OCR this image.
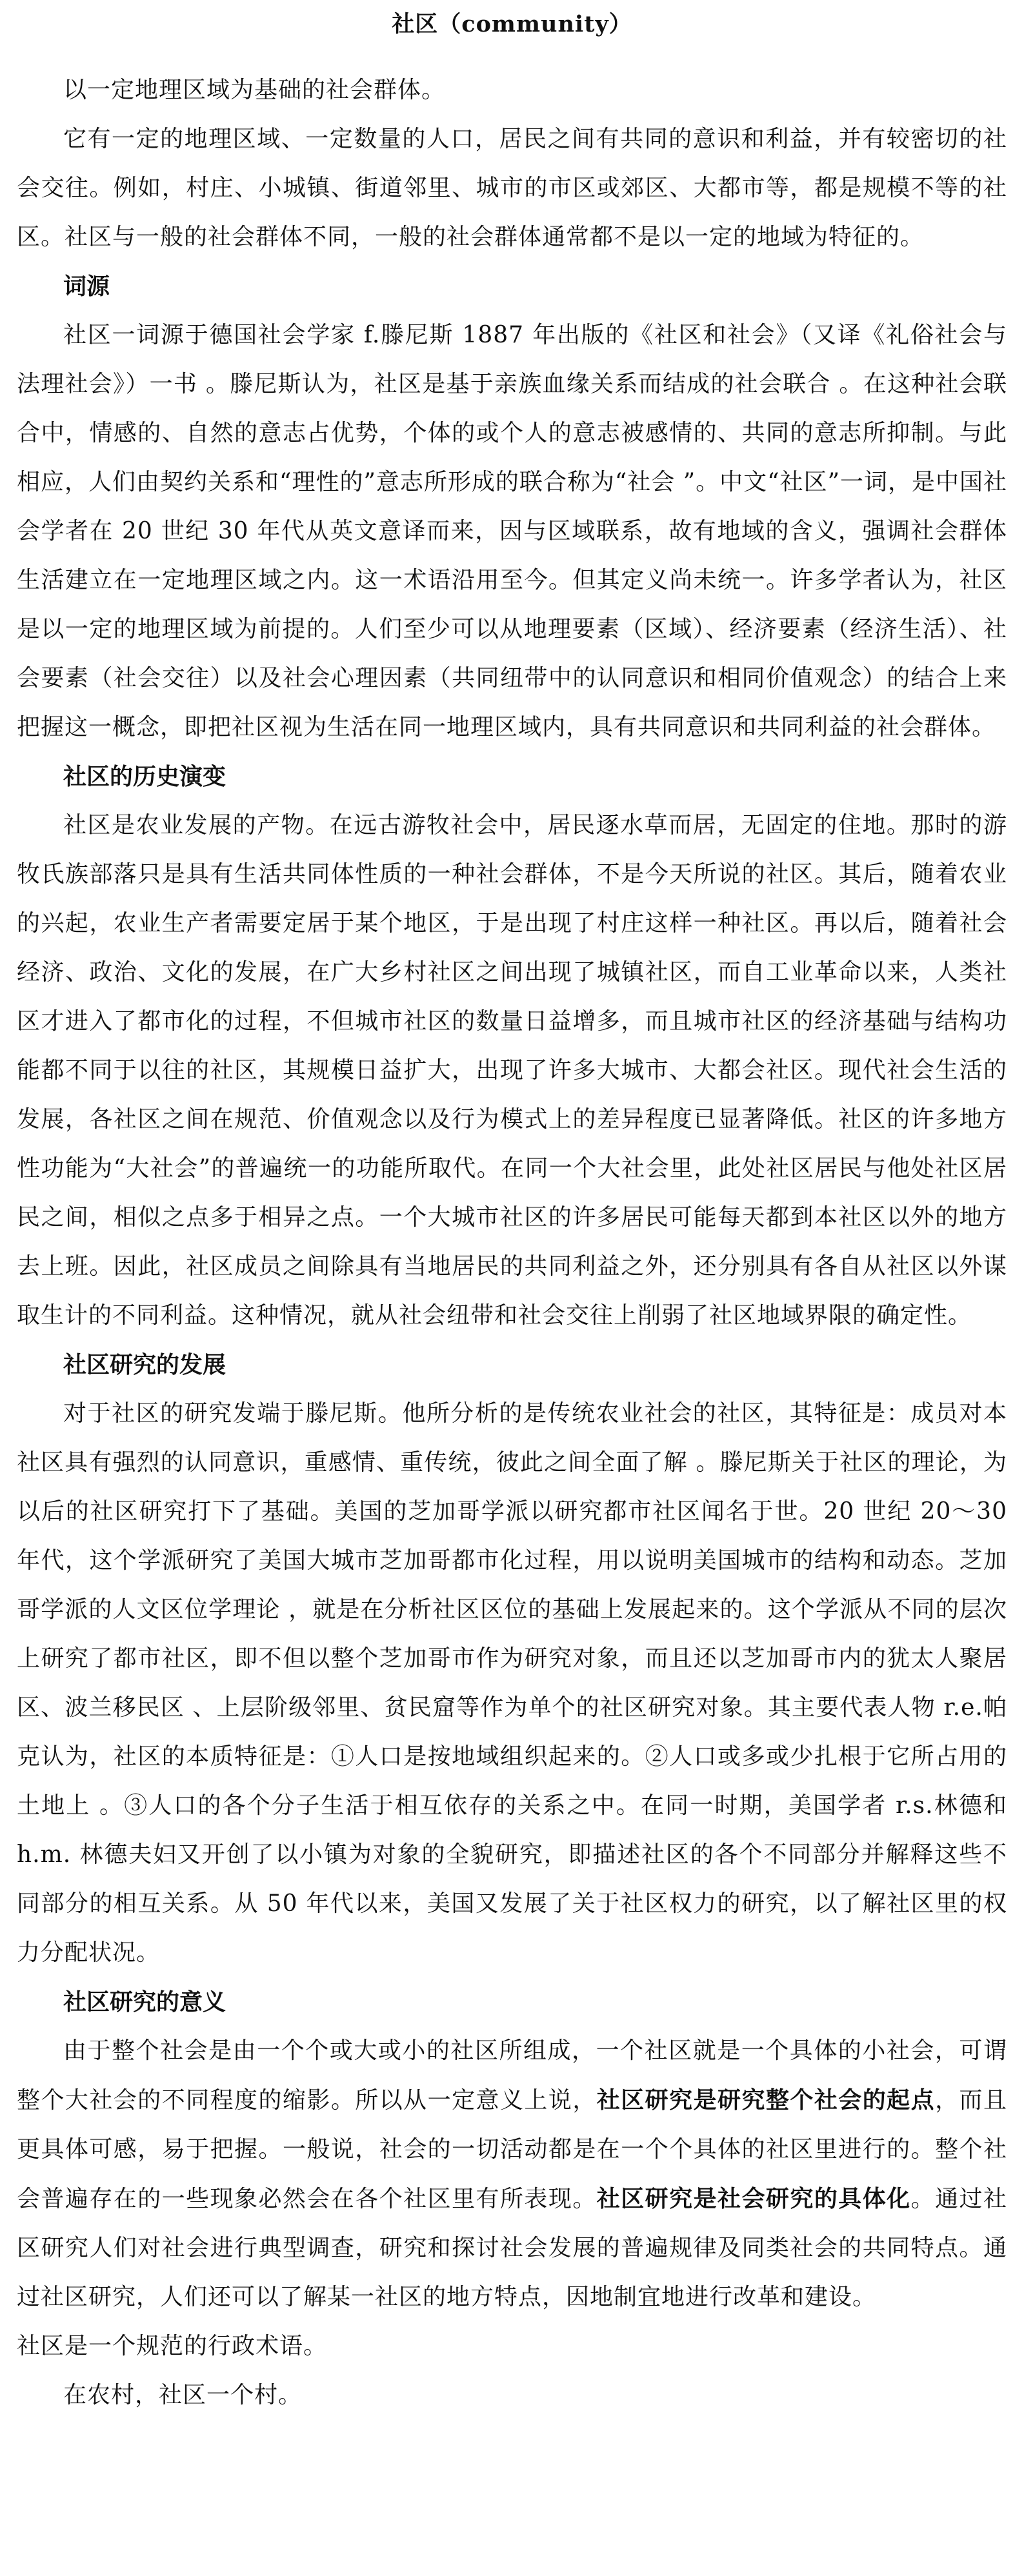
社区（community）

以一定地理区域为基础的社会群体。

它有一定的地理区域、一定数量的人口，居民之间有共同的意识和利益，并有较密切的社会交往。例如，村庄、小城镇、街道邻里、城市的市区或郊区、大都市等，都是规模不等的社区。社区与一般的社会群体不同，一般的社会群体通常都不是以一定的地域为特征的。

词源

社区一词源于德国社会学家 f.滕尼斯 1887 年出版的《社区和社会》（又译《礼俗社会与法理社会》）一书 。滕尼斯认为，社区是基于亲族血缘关系而结成的社会联合 。在这种社会联合中，情感的、自然的意志占优势，个体的或个人的意志被感情的、共同的意志所抑制。与此相应，人们由契约关系和“理性的”意志所形成的联合称为“社会 ”。中文“社区”一词，是中国社会学者在 20 世纪 30 年代从英文意译而来，因与区域联系，故有地域的含义，强调社会群体生活建立在一定地理区域之内。这一术语沿用至今。但其定义尚未统一。许多学者认为，社区是以一定的地理区域为前提的。人们至少可以从地理要素（区域）、经济要素（经济生活）、社会要素（社会交往）以及社会心理因素（共同纽带中的认同意识和相同价值观念）的结合上来把握这一概念，即把社区视为生活在同一地理区域内，具有共同意识和共同利益的社会群体。

社区的历史演变

社区是农业发展的产物。在远古游牧社会中，居民逐水草而居，无固定的住地。那时的游牧氏族部落只是具有生活共同体性质的一种社会群体，不是今天所说的社区。其后，随着农业的兴起，农业生产者需要定居于某个地区，于是出现了村庄这样一种社区。再以后，随着社会经济、政治、文化的发展，在广大乡村社区之间出现了城镇社区，而自工业革命以来，人类社区才进入了都市化的过程，不但城市社区的数量日益增多，而且城市社区的经济基础与结构功能都不同于以往的社区，其规模日益扩大，出现了许多大城市、大都会社区。现代社会生活的发展，各社区之间在规范、价值观念以及行为模式上的差异程度已显著降低。社区的许多地方性功能为“大社会”的普遍统一的功能所取代。在同一个大社会里，此处社区居民与他处社区居民之间，相似之点多于相异之点。一个大城市社区的许多居民可能每天都到本社区以外的地方去上班。因此，社区成员之间除具有当地居民的共同利益之外，还分别具有各自从社区以外谋取生计的不同利益。这种情况，就从社会纽带和社会交往上削弱了社区地域界限的确定性。

社区研究的发展

对于社区的研究发端于滕尼斯。他所分析的是传统农业社会的社区，其特征是：成员对本社区具有强烈的认同意识，重感情、重传统，彼此之间全面了解 。滕尼斯关于社区的理论，为以后的社区研究打下了基础。美国的芝加哥学派以研究都市社区闻名于世。20 世纪 20～30 年代，这个学派研究了美国大城市芝加哥都市化过程，用以说明美国城市的结构和动态。芝加哥学派的人文区位学理论 ，就是在分析社区区位的基础上发展起来的。这个学派从不同的层次上研究了都市社区，即不但以整个芝加哥市作为研究对象，而且还以芝加哥市内的犹太人聚居区、波兰移民区 、上层阶级邻里、贫民窟等作为单个的社区研究对象。其主要代表人物 r.e.帕克认为，社区的本质特征是：①人口是按地域组织起来的。②人口或多或少扎根于它所占用的土地上 。③人口的各个分子生活于相互依存的关系之中。在同一时期，美国学者 r.s.林德和 h.m. 林德夫妇又开创了以小镇为对象的全貌研究，即描述社区的各个不同部分并解释这些不同部分的相互关系。从 50 年代以来，美国又发展了关于社区权力的研究，以了解社区里的权力分配状况。

社区研究的意义

由于整个社会是由一个个或大或小的社区所组成，一个社区就是一个具体的小社会，可谓整个大社会的不同程度的缩影。所以从一定意义上说，社区研究是研究整个社会的起点，而且更具体可感，易于把握。一般说，社会的一切活动都是在一个个具体的社区里进行的。整个社会普遍存在的一些现象必然会在各个社区里有所表现。社区研究是社会研究的具体化。通过社区研究人们对社会进行典型调查，研究和探讨社会发展的普遍规律及同类社会的共同特点。通过社区研究，人们还可以了解某一社区的地方特点，因地制宜地进行改革和建设。

社区是一个规范的行政术语。

在农村，社区一个村。
